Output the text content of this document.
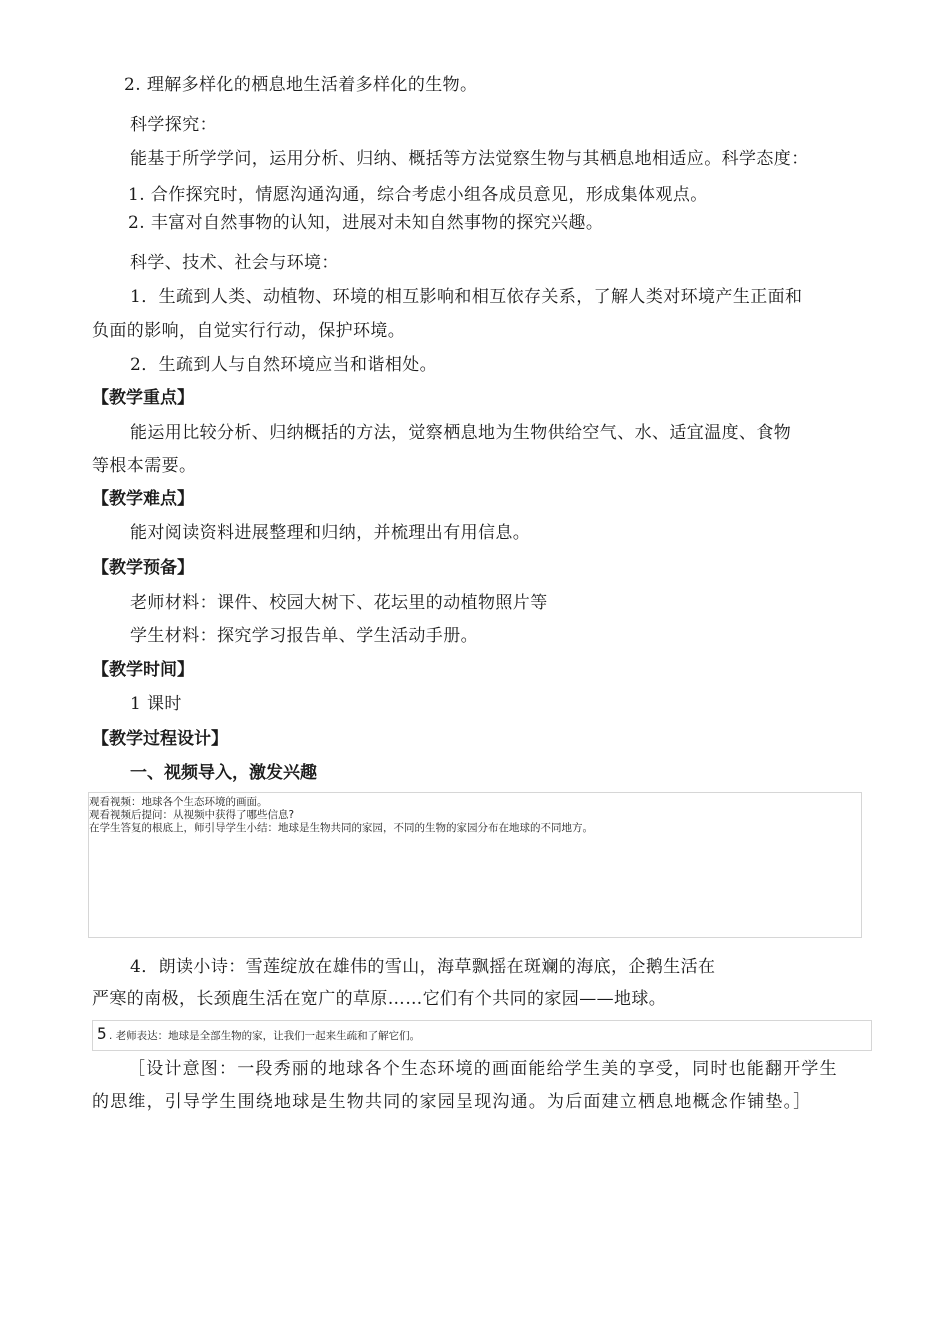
2. 理解多样化的栖息地生活着多样化的生物。
科学探究：
能基于所学学问，运用分析、归纳、概括等方法觉察生物与其栖息地相适应。科学态度：
1. 合作探究时，情愿沟通沟通，综合考虑小组各成员意见，形成集体观点。
2. 丰富对自然事物的认知，进展对未知自然事物的探究兴趣。
科学、技术、社会与环境：
1．生疏到人类、动植物、环境的相互影响和相互依存关系，了解人类对环境产生正面和
负面的影响，自觉实行行动，保护环境。
2．生疏到人与自然环境应当和谐相处。
【教学重点】
能运用比较分析、归纳概括的方法，觉察栖息地为生物供给空气、水、适宜温度、食物
等根本需要。
【教学难点】
能对阅读资料进展整理和归纳，并梳理出有用信息。
【教学预备】
老师材料：课件、校园大树下、花坛里的动植物照片等
学生材料：探究学习报告单、学生活动手册。
【教学时间】
1 课时
【教学过程设计】
一、视频导入，激发兴趣
观看视频：地球各个生态环境的画面。
观看视频后提问：从视频中获得了哪些信息?
在学生答复的根底上，师引导学生小结：地球是生物共同的家园，不同的生物的家园分布在地球的不同地方。
4．朗读小诗：雪莲绽放在雄伟的雪山，海草飘摇在斑斓的海底，企鹅生活在
严寒的南极，长颈鹿生活在宽广的草原……它们有个共同的家园——地球。
5 . 老师表达：地球是全部生物的家，让我们一起来生疏和了解它们。
［设计意图：一段秀丽的地球各个生态环境的画面能给学生美的享受，同时也能翻开学生
的思维，引导学生围绕地球是生物共同的家园呈现沟通。为后面建立栖息地概念作铺垫。］
